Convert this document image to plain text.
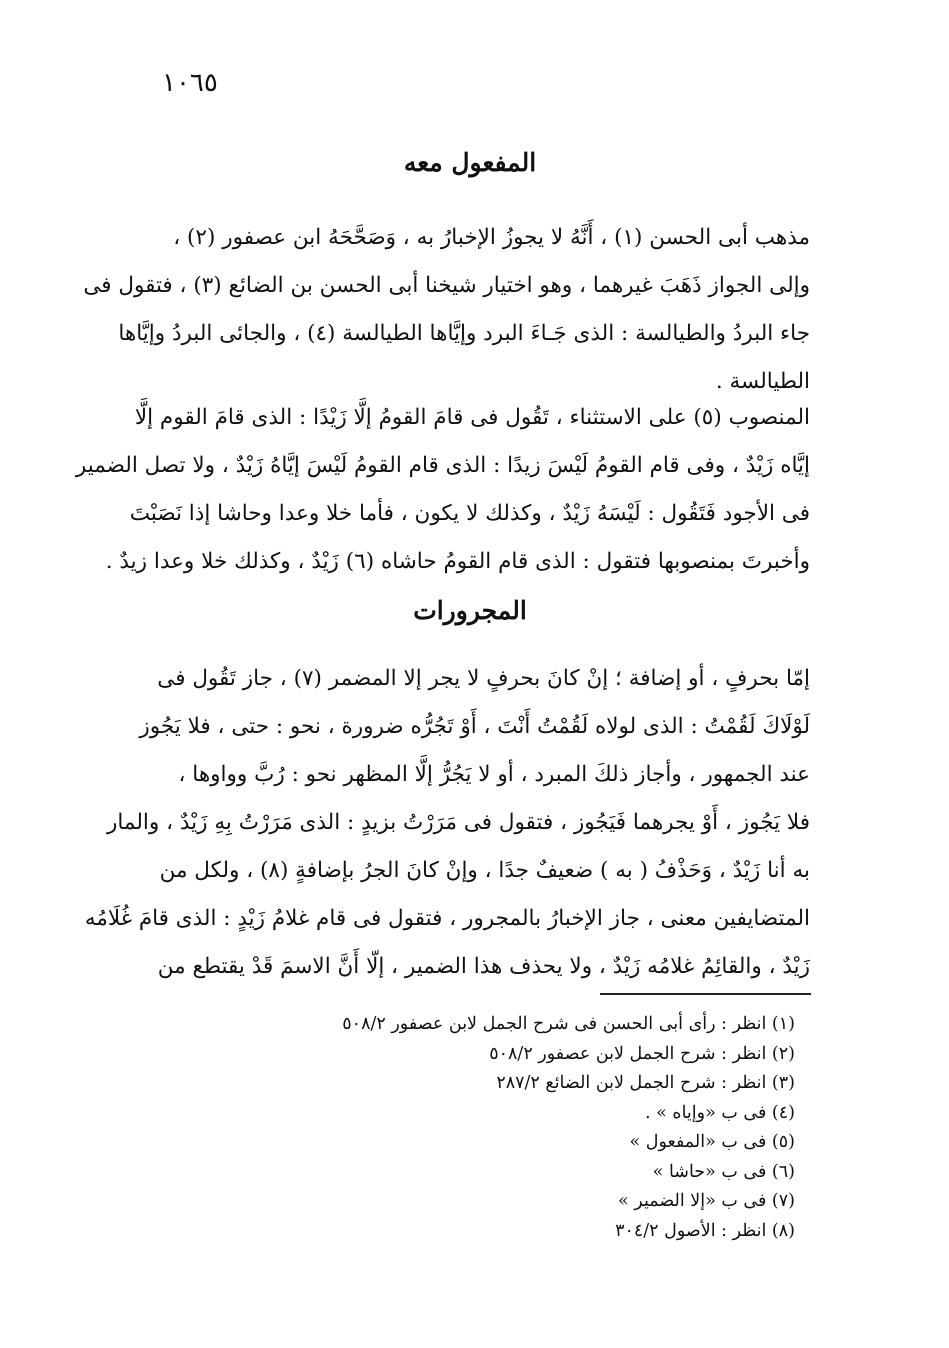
١٠٦٥
المفعول معه
مذهب أبى الحسن (١) ، أَنَّهُ لا يجوزُ الإخبارُ به ، وَصَحَّحَهُ ابن عصفور (٢) ،
وإلى الجواز ذَهَبَ غيرهما ، وهو اختيار شيخنا أبى الحسن بن الضائع (٣) ، فتقول فى
جاء البردُ والطيالسة : الذى جَـاءَ البرد وإيَّاها الطيالسة (٤) ، والجائى البردُ وإيَّاها
الطيالسة .
المنصوب (٥) على الاستثناء ، تَقُول فى قامَ القومُ إلَّا زَيْدًا : الذى قامَ القوم إلَّا
إيَّاه زَيْدٌ ، وفى قام القومُ لَيْسَ زيدًا : الذى قام القومُ لَيْسَ إيَّاهُ زَيْدٌ ، ولا تصل الضمير
فى الأجود فَتَقُول : لَيْسَهُ زَيْدٌ ، وكذلك لا يكون ، فأما خلا وعدا وحاشا إذا نَصَبْتَ
وأخبرتَ بمنصوبها فتقول : الذى قام القومُ حاشاه (٦) زَيْدٌ ، وكذلك خلا وعدا زيدٌ .
المجرورات
إمّا بحرفٍ ، أو إضافة ؛ إنْ كانَ بحرفٍ لا يجر إلا المضمر (٧) ، جاز تَقُول فى
لَوْلَاكَ لَقُمْتُ : الذى لولاه لَقُمْتُ أَنْتَ ، أَوْ تَجُرُّه ضرورة ، نحو : حتى ، فلا يَجُوز
عند الجمهور ، وأجاز ذلكَ المبرد ، أو لا يَجُرُّ إلَّا المظهر نحو : رُبَّ وواوها ،
فلا يَجُوز ، أَوْ يجرهما فَيَجُوز ، فتقول فى مَرَرْتُ بزيدٍ : الذى مَرَرْتُ بِهِ زَيْدٌ ، والمار
به أنا زَيْدٌ ، وَحَذْفُ ( به ) ضعيفٌ جدًا ، وإنْ كانَ الجرُ بإضافةٍ (٨) ، ولكل من
المتضايفين معنى ، جاز الإخبارُ بالمجرور ، فتقول فى قام غلامُ زَيْدٍ : الذى قامَ غُلَامُه
زَيْدٌ ، والقائِمُ غلامُه زَيْدٌ ، ولا يحذف هذا الضمير ، إلّا أَنَّ الاسمَ قَدْ يقتطع من
(١) انظر : رأى أبى الحسن فى شرح الجمل لابن عصفور ٥٠٨/٢
(٢) انظر : شرح الجمل لابن عصفور ٥٠٨/٢
(٣) انظر : شرح الجمل لابن الضائع ٢٨٧/٢
(٤) فى ب «وإياه » .
(٥) فى ب «المفعول »
(٦) فى ب «حاشا »
(٧) فى ب «إلا الضمير »
(٨) انظر : الأصول ٣٠٤/٢
